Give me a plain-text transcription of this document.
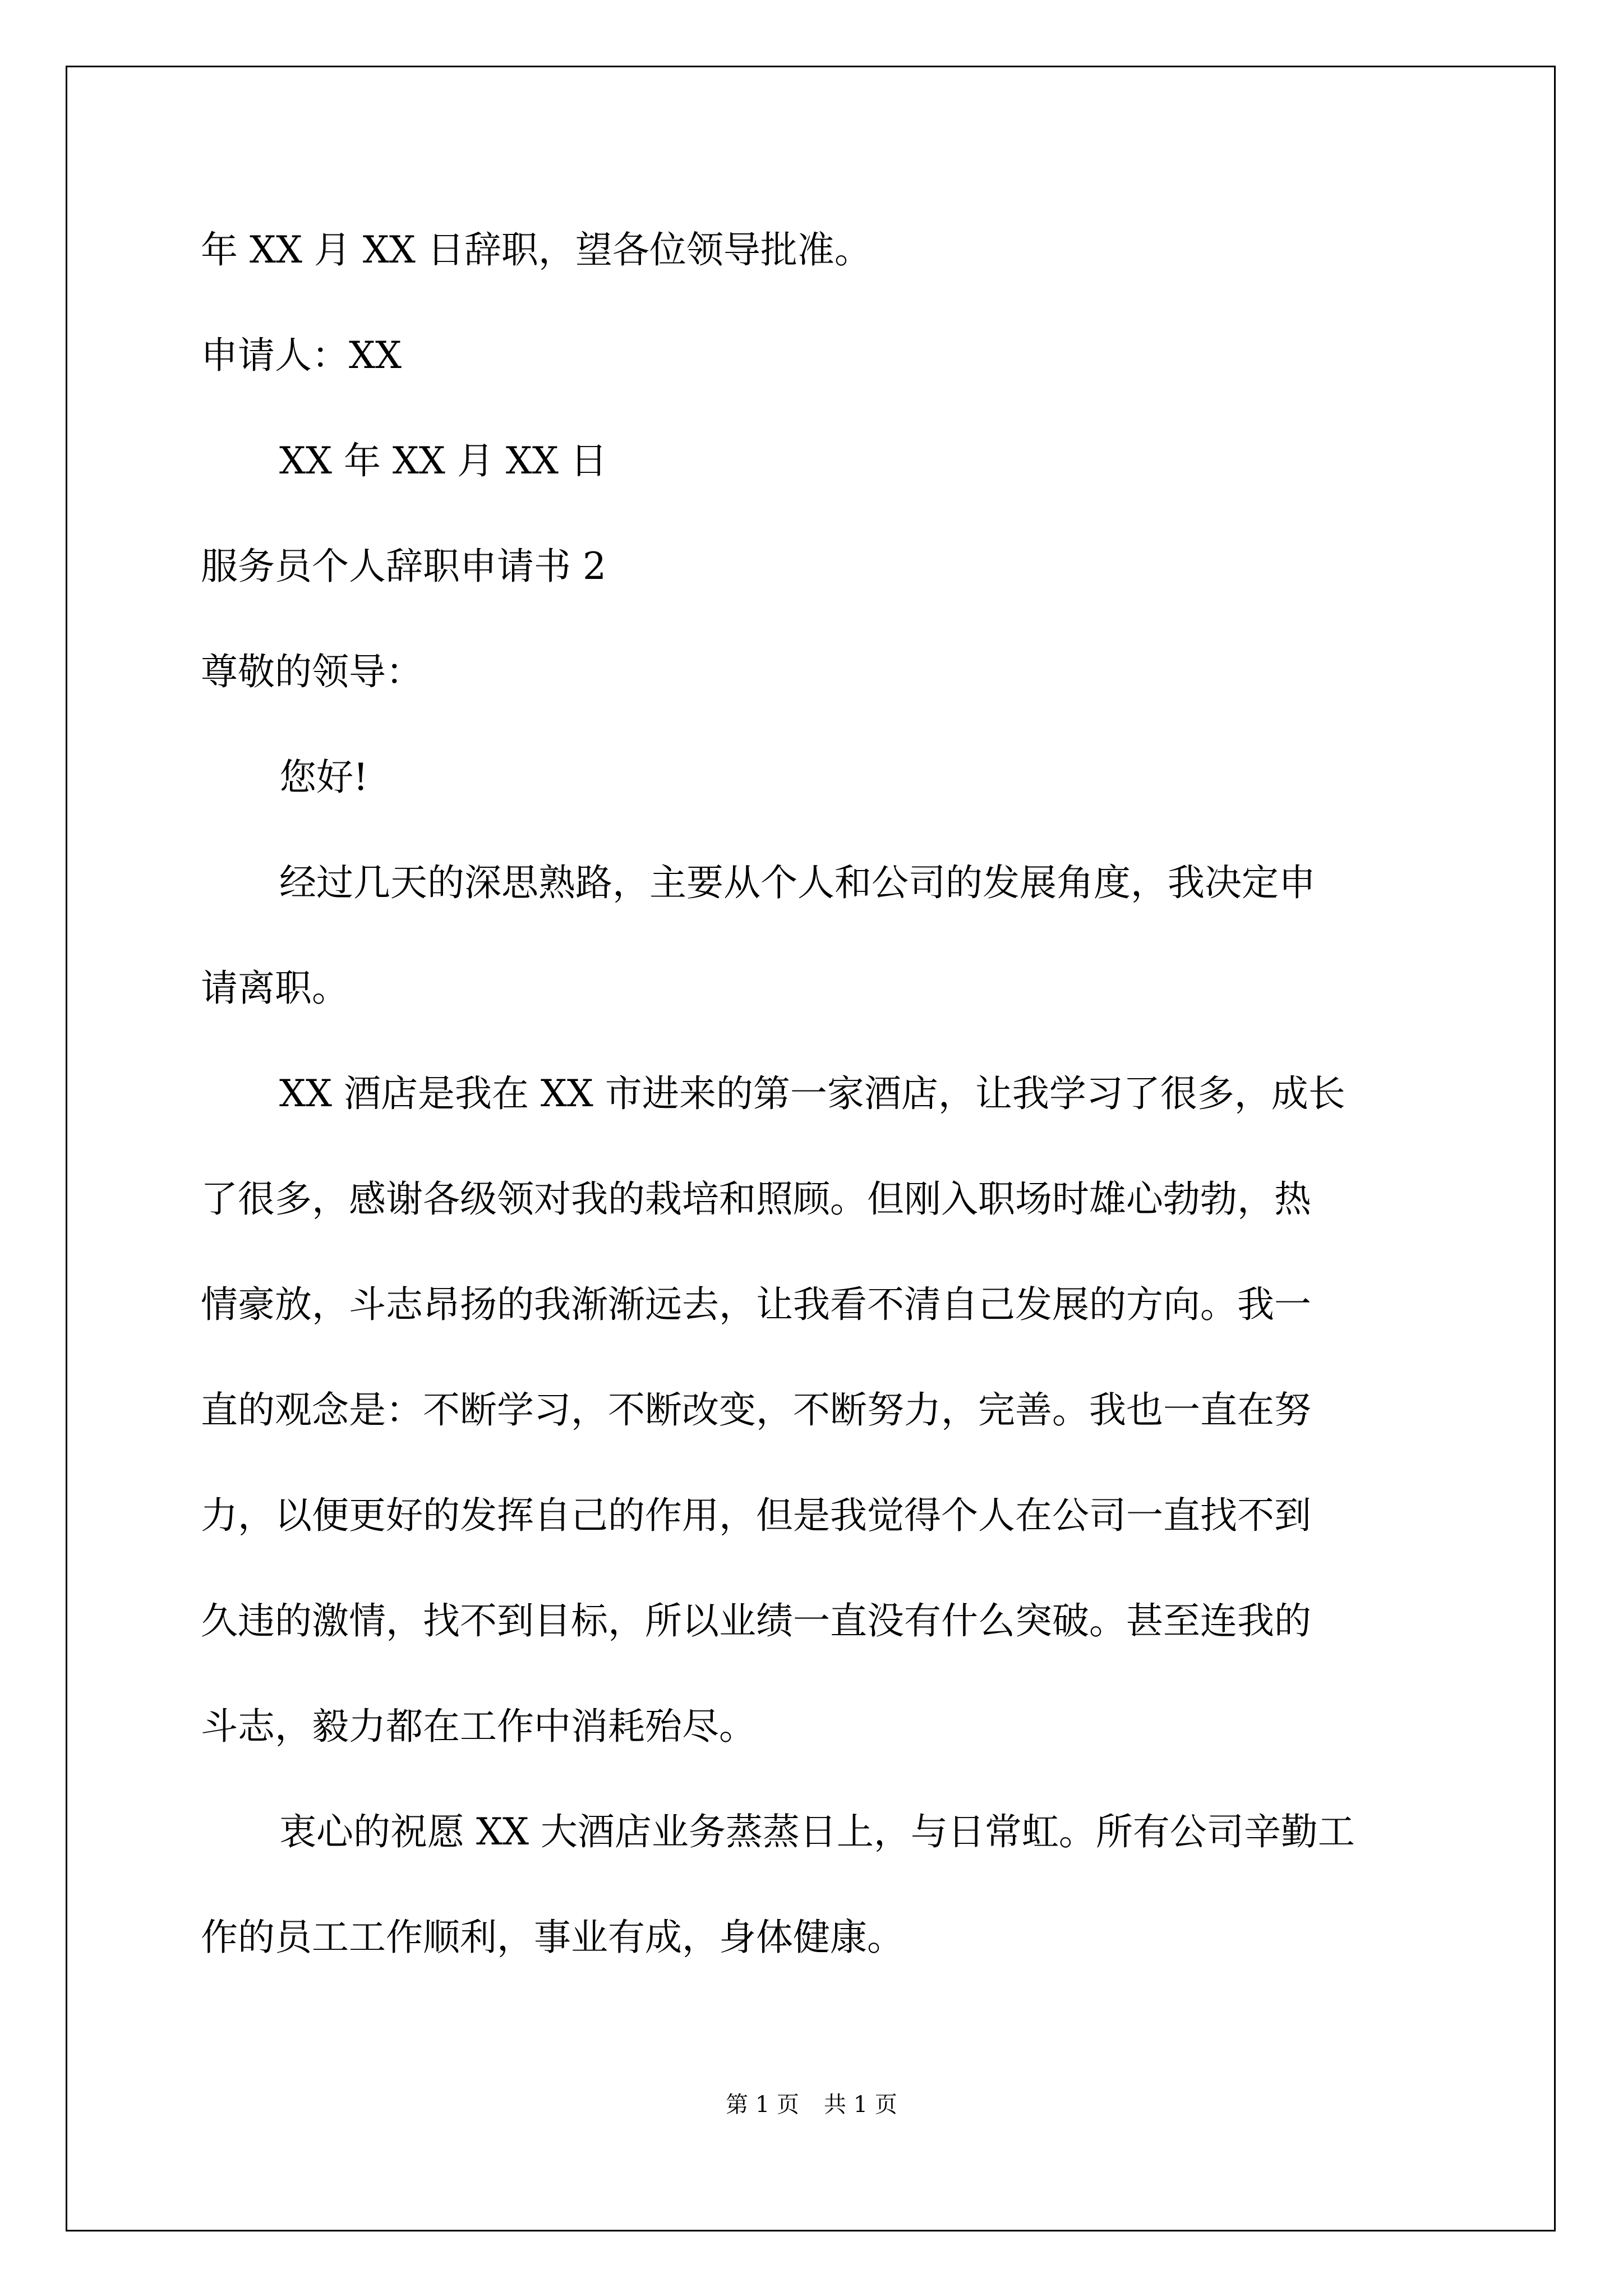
年 XX 月 XX 日辞职，望各位领导批准。

申请人：XX

XX 年 XX 月 XX 日

服务员个人辞职申请书 2

尊敬的领导：

您好!

经过几天的深思熟路，主要从个人和公司的发展角度，我决定申

请离职。

XX 酒店是我在 XX 市进来的第一家酒店，让我学习了很多，成长

了很多，感谢各级领对我的栽培和照顾。但刚入职场时雄心勃勃，热

情豪放，斗志昂扬的我渐渐远去，让我看不清自己发展的方向。我一

直的观念是：不断学习，不断改变，不断努力，完善。我也一直在努

力，以便更好的发挥自己的作用，但是我觉得个人在公司一直找不到

久违的激情，找不到目标，所以业绩一直没有什么突破。甚至连我的

斗志，毅力都在工作中消耗殆尽。

衷心的祝愿 XX 大酒店业务蒸蒸日上，与日常虹。所有公司辛勤工

作的员工工作顺利，事业有成，身体健康。

第 1 页 共 1 页
